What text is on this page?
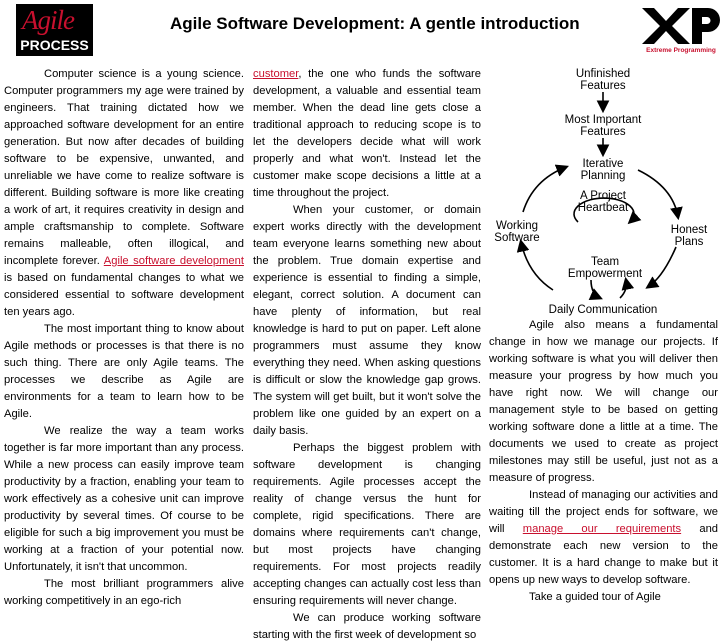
Agile
PROCESS
Agile Software Development: A gentle introduction
Extreme Programming

Computer science is a young science. Computer programmers my age were trained by engineers. That training dictated how we approached software development for an entire generation. But now after decades of building software to be expensive, unwanted, and unreliable we have come to realize software is different. Building software is more like creating a work of art, it requires creativity in design and ample craftsmanship to complete. Software remains malleable, often illogical, and incomplete forever. Agile software development is based on fundamental changes to what we considered essential to software development ten years ago.

The most important thing to know about Agile methods or processes is that there is no such thing. There are only Agile teams. The processes we describe as Agile are environments for a team to learn how to be Agile.

We realize the way a team works together is far more important than any process. While a new process can easily improve team productivity by a fraction, enabling your team to work effectively as a cohesive unit can improve productivity by several times. Of course to be eligible for such a big improvement you must be working at a fraction of your potential now. Unfortunately, it isn't that uncommon.

The most brilliant programmers alive working competitively in an ego-rich

customer, the one who funds the software development, a valuable and essential team member. When the dead line gets close a traditional approach to reducing scope is to let the developers decide what will work properly and what won't. Instead let the customer make scope decisions a little at a time throughout the project.

When your customer, or domain expert works directly with the development team everyone learns something new about the problem. True domain expertise and experience is essential to finding a simple, elegant, correct solution. A document can have plenty of information, but real knowledge is hard to put on paper. Left alone programmers must assume they know everything they need. When asking questions is difficult or slow the knowledge gap grows. The system will get built, but it won't solve the problem like one guided by an expert on a daily basis.

Perhaps the biggest problem with software development is changing requirements. Agile processes accept the reality of change versus the hunt for complete, rigid specifications. There are domains where requirements can't change, but most projects have changing requirements. For most projects readily accepting changes can actually cost less than ensuring requirements will never change.

We can produce working software starting with the first week of development so

Unfinished
Features
Most Important
Features
Iterative
Planning
A Project
Heartbeat
Working
Software
Honest
Plans
Team
Empowerment
Daily Communication

Agile also means a fundamental change in how we manage our projects. If working software is what you will deliver then measure your progress by how much you have right now. We will change our management style to be based on getting working software done a little at a time. The documents we used to create as project milestones may still be useful, just not as a measure of progress.

Instead of managing our activities and waiting till the project ends for software, we will manage our requirements and demonstrate each new version to the customer. It is a hard change to make but it opens up new ways to develop software.

Take a guided tour of Agile
